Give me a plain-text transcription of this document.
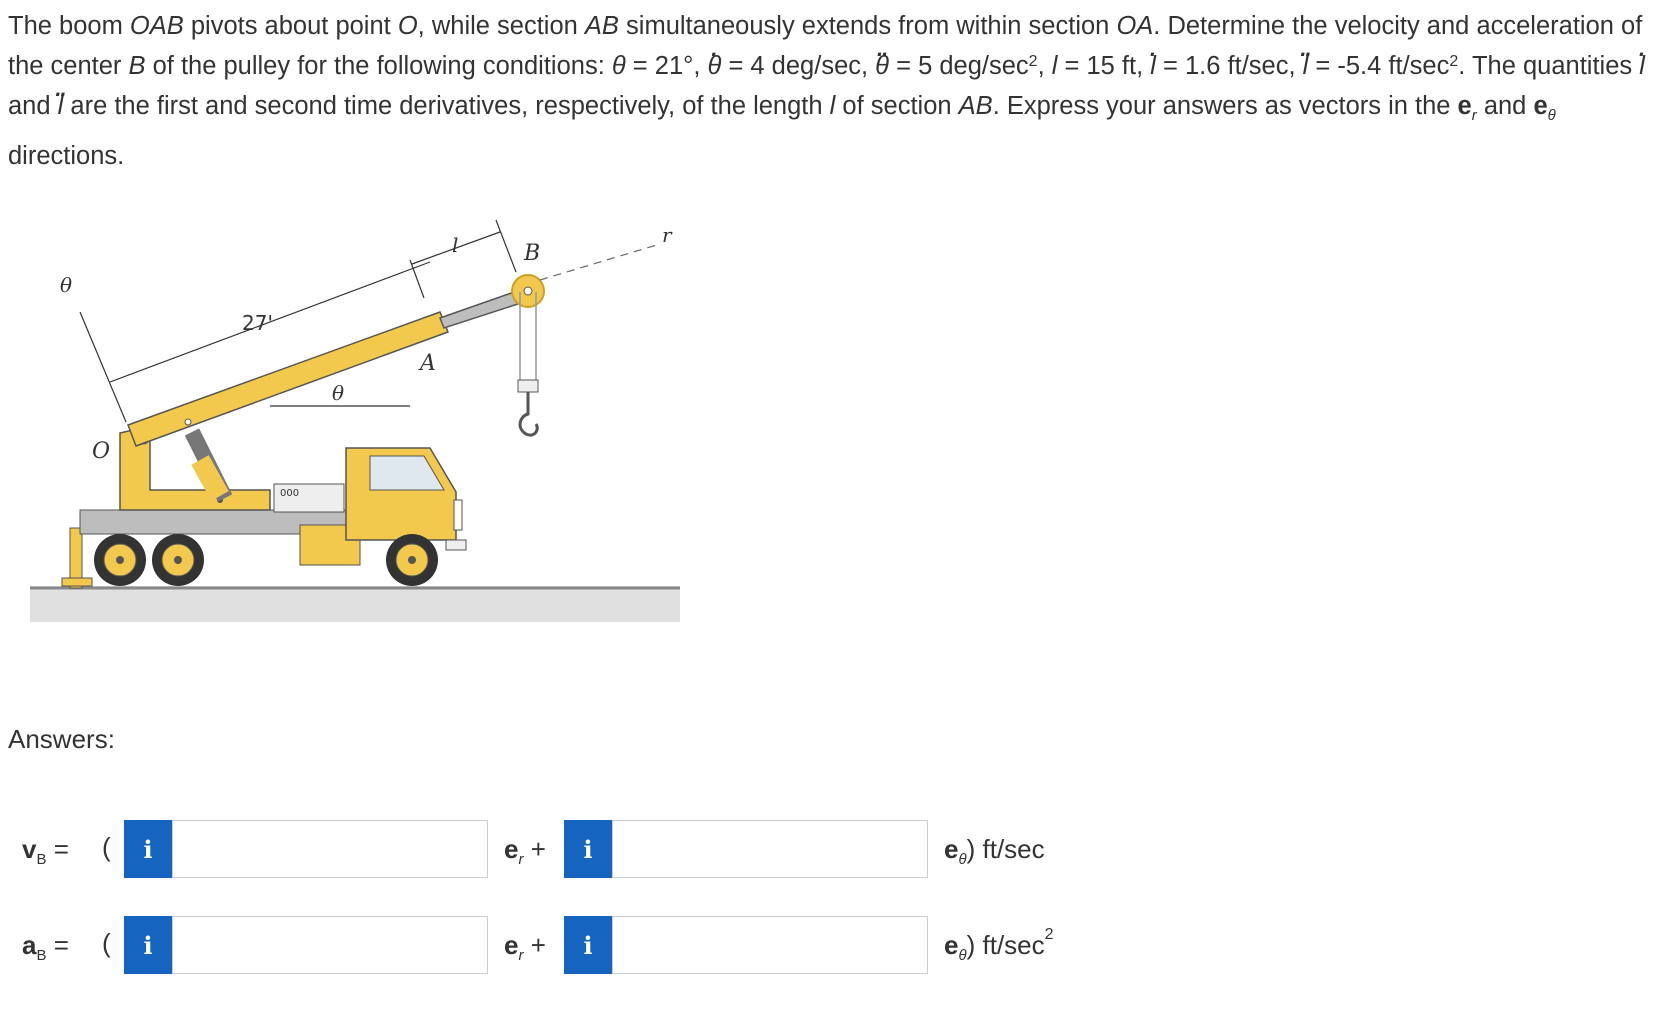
The boom OAB pivots about point O, while section AB simultaneously extends from within section OA. Determine the velocity and acceleration of the center B of the pulley for the following conditions: θ = 21°, . θ = 4 deg/sec, .. θ = 5 deg/$\sec^2$, l = 15 ft, . l = 1.6 ft/sec, .. l = -5.4 $ft/\sec^2$. The quantities . l and .. l are the first and second time derivatives, respectively, of the length l of section AB. Express your answers as vectors in the $e_r$ and $e_\theta$ directions.
θ
O
27'
A
θ
l	B
r
000
Answers:
$v_B$ = (	i	$e_r$ +	i	$e_\theta$) ft/sec
$a_B$ = (	i	$e_r$ +	i	$e_\theta$) $ft/\sec^2$
